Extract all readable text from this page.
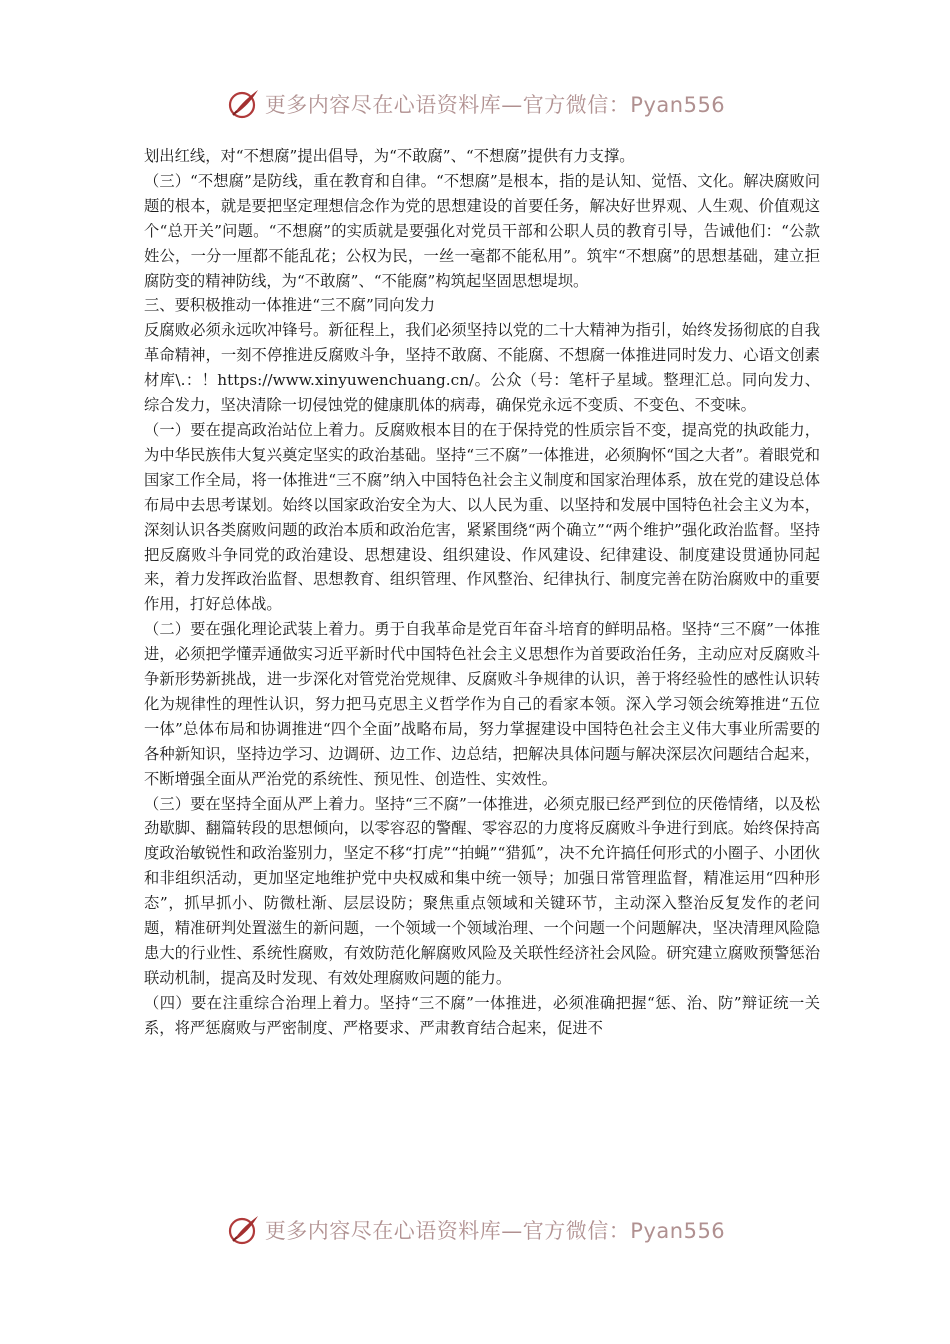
更多内容尽在心语资料库—官方微信：Pyan556

划出红线，对“不想腐”提出倡导，为“不敢腐”、“不想腐”提供有力支撑。

（三）“不想腐”是防线，重在教育和自律。“不想腐”是根本，指的是认知、觉悟、文化。解决腐败问题的根本，就是要把坚定理想信念作为党的思想建设的首要任务，解决好世界观、人生观、价值观这个“总开关”问题。“不想腐”的实质就是要强化对党员干部和公职人员的教育引导，告诫他们：“公款姓公，一分一厘都不能乱花；公权为民，一丝一毫都不能私用”。筑牢“不想腐”的思想基础，建立拒腐防变的精神防线，为“不敢腐”、“不能腐”构筑起坚固思想堤坝。

三、要积极推动一体推进“三不腐”同向发力

反腐败必须永远吹冲锋号。新征程上，我们必须坚持以党的二十大精神为指引，始终发扬彻底的自我革命精神，一刻不停推进反腐败斗争，坚持不敢腐、不能腐、不想腐一体推进同时发力、心语文创素材库\.：！https://www.xinyuwenchuang.cn/。公众（号：笔杆子星域。整理汇总。同向发力、综合发力，坚决清除一切侵蚀党的健康肌体的病毒，确保党永远不变质、不变色、不变味。

（一）要在提高政治站位上着力。反腐败根本目的在于保持党的性质宗旨不变，提高党的执政能力，为中华民族伟大复兴奠定坚实的政治基础。坚持“三不腐”一体推进，必须胸怀“国之大者”。着眼党和国家工作全局，将一体推进“三不腐”纳入中国特色社会主义制度和国家治理体系，放在党的建设总体布局中去思考谋划。始终以国家政治安全为大、以人民为重、以坚持和发展中国特色社会主义为本，深刻认识各类腐败问题的政治本质和政治危害，紧紧围绕“两个确立”“两个维护”强化政治监督。坚持把反腐败斗争同党的政治建设、思想建设、组织建设、作风建设、纪律建设、制度建设贯通协同起来，着力发挥政治监督、思想教育、组织管理、作风整治、纪律执行、制度完善在防治腐败中的重要作用，打好总体战。

（二）要在强化理论武装上着力。勇于自我革命是党百年奋斗培育的鲜明品格。坚持“三不腐”一体推进，必须把学懂弄通做实习近平新时代中国特色社会主义思想作为首要政治任务，主动应对反腐败斗争新形势新挑战，进一步深化对管党治党规律、反腐败斗争规律的认识，善于将经验性的感性认识转化为规律性的理性认识，努力把马克思主义哲学作为自己的看家本领。深入学习领会统筹推进“五位一体”总体布局和协调推进“四个全面”战略布局，努力掌握建设中国特色社会主义伟大事业所需要的各种新知识，坚持边学习、边调研、边工作、边总结，把解决具体问题与解决深层次问题结合起来，不断增强全面从严治党的系统性、预见性、创造性、实效性。

（三）要在坚持全面从严上着力。坚持“三不腐”一体推进，必须克服已经严到位的厌倦情绪，以及松劲歇脚、翻篇转段的思想倾向，以零容忍的警醒、零容忍的力度将反腐败斗争进行到底。始终保持高度政治敏锐性和政治鉴别力，坚定不移“打虎”“拍蝇”“猎狐”，决不允许搞任何形式的小圈子、小团伙和非组织活动，更加坚定地维护党中央权威和集中统一领导；加强日常管理监督，精准运用“四种形态”，抓早抓小、防微杜渐、层层设防；聚焦重点领域和关键环节，主动深入整治反复发作的老问题，精准研判处置滋生的新问题，一个领域一个领域治理、一个问题一个问题解决，坚决清理风险隐患大的行业性、系统性腐败，有效防范化解腐败风险及关联性经济社会风险。研究建立腐败预警惩治联动机制，提高及时发现、有效处理腐败问题的能力。

（四）要在注重综合治理上着力。坚持“三不腐”一体推进，必须准确把握“惩、治、防”辩证统一关系，将严惩腐败与严密制度、严格要求、严肃教育结合起来，促进不

更多内容尽在心语资料库—官方微信：Pyan556
